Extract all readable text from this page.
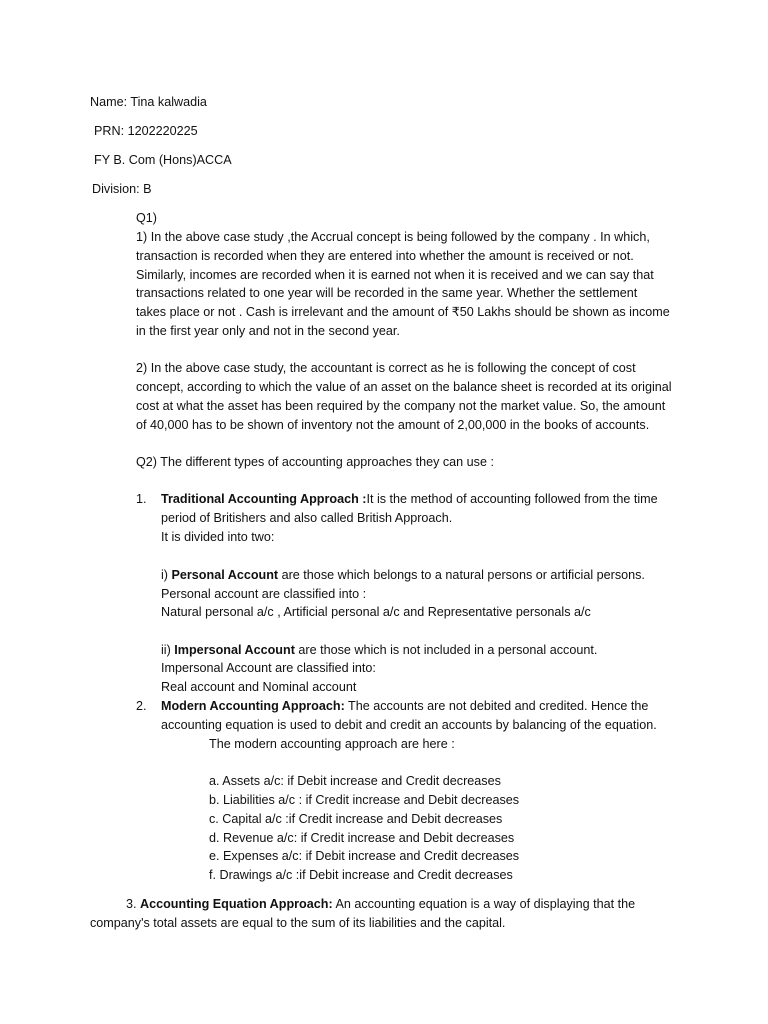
Name: Tina kalwadia
PRN: 1202220225
FY B. Com (Hons)ACCA
Division: B
Q1)
1) In the above case study ,the Accrual concept is being followed by the company . In which,
transaction is recorded when they are entered into whether the amount is received or not.
Similarly, incomes are recorded when it is earned not when it is received and we can say that
transactions related to one year will be recorded in the same year. Whether the settlement
takes place or not . Cash is irrelevant and the amount of ₹50 Lakhs should be shown as income
in the first year only and not in the second year.
2) In the above case study, the accountant is correct as he is following the concept of cost
concept, according to which the value of an asset on the balance sheet is recorded at its original
cost at what the asset has been required by the company not the market value. So, the amount
of 40,000 has to be shown of inventory not the amount of 2,00,000 in the books of accounts.
Q2) The different types of accounting approaches they can use :
1. Traditional Accounting Approach :It is the method of accounting followed from the time
period of Britishers and also called British Approach.
It is divided into two:
i) Personal Account are those which belongs to a natural persons or artificial persons.
Personal account are classified into :
Natural personal a/c , Artificial personal a/c and Representative personals a/c
ii) Impersonal Account are those which is not included in a personal account.
Impersonal Account are classified into:
Real account and Nominal account
2. Modern Accounting Approach: The accounts are not debited and credited. Hence the
accounting equation is used to debit and credit an accounts by balancing of the equation.
The modern accounting approach are here :
a. Assets a/c: if Debit increase and Credit decreases
b. Liabilities a/c : if Credit increase and Debit decreases
c. Capital a/c :if Credit increase and Debit decreases
d. Revenue a/c: if Credit increase and Debit decreases
e. Expenses a/c: if Debit increase and Credit decreases
f. Drawings a/c :if Debit increase and Credit decreases
3. Accounting Equation Approach: An accounting equation is a way of displaying that the
company's total assets are equal to the sum of its liabilities and the capital.
